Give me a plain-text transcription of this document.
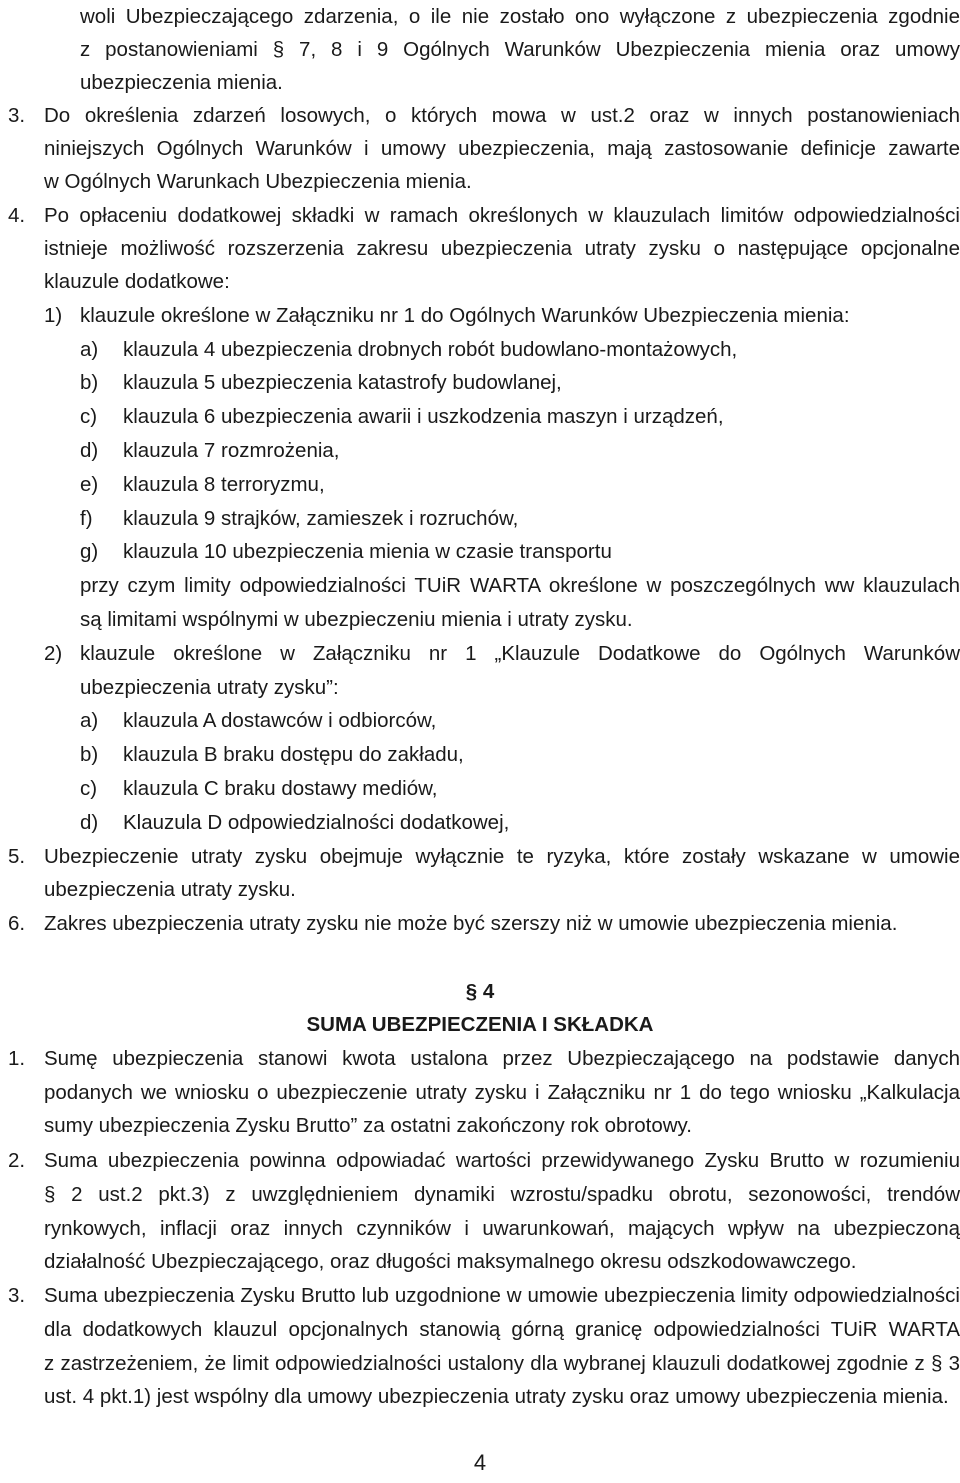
woli Ubezpieczającego zdarzenia, o ile nie zostało ono wyłączone z ubezpieczenia zgodnie
z postanowieniami § 7, 8 i 9 Ogólnych Warunków Ubezpieczenia mienia oraz umowy
ubezpieczenia mienia.
3. Do określenia zdarzeń losowych, o których mowa w ust.2 oraz w innych postanowieniach
niniejszych Ogólnych Warunków i umowy ubezpieczenia, mają zastosowanie definicje zawarte
w Ogólnych Warunkach Ubezpieczenia mienia.
4. Po opłaceniu dodatkowej składki w ramach określonych w klauzulach limitów odpowiedzialności
istnieje możliwość rozszerzenia zakresu ubezpieczenia utraty zysku o następujące opcjonalne
klauzule dodatkowe:
1) klauzule określone w Załączniku nr 1 do Ogólnych Warunków Ubezpieczenia mienia:
a) klauzula 4 ubezpieczenia drobnych robót budowlano-montażowych,
b) klauzula 5 ubezpieczenia katastrofy budowlanej,
c) klauzula 6 ubezpieczenia awarii i uszkodzenia maszyn i urządzeń,
d) klauzula 7 rozmrożenia,
e) klauzula 8 terroryzmu,
f) klauzula 9 strajków, zamieszek i rozruchów,
g) klauzula 10 ubezpieczenia mienia w czasie transportu
przy czym limity odpowiedzialności TUiR WARTA określone w poszczególnych ww klauzulach
są limitami wspólnymi w ubezpieczeniu mienia i utraty zysku.
2) klauzule określone w Załączniku nr 1 „Klauzule Dodatkowe do Ogólnych Warunków
ubezpieczenia utraty zysku”:
a) klauzula A dostawców i odbiorców,
b) klauzula B braku dostępu do zakładu,
c) klauzula C braku dostawy mediów,
d) Klauzula D odpowiedzialności dodatkowej,
5. Ubezpieczenie utraty zysku obejmuje wyłącznie te ryzyka, które zostały wskazane w umowie
ubezpieczenia utraty zysku.
6. Zakres ubezpieczenia utraty zysku nie może być szerszy niż w umowie ubezpieczenia mienia.
§ 4
SUMA UBEZPIECZENIA I SKŁADKA
1. Sumę ubezpieczenia stanowi kwota ustalona przez Ubezpieczającego na podstawie danych
podanych we wniosku o ubezpieczenie utraty zysku i Załączniku nr 1 do tego wniosku „Kalkulacja
sumy ubezpieczenia Zysku Brutto” za ostatni zakończony rok obrotowy.
2. Suma ubezpieczenia powinna odpowiadać wartości przewidywanego Zysku Brutto w rozumieniu
§ 2 ust.2 pkt.3) z uwzględnieniem dynamiki wzrostu/spadku obrotu, sezonowości, trendów
rynkowych, inflacji oraz innych czynników i uwarunkowań, mających wpływ na ubezpieczoną
działalność Ubezpieczającego, oraz długości maksymalnego okresu odszkodowawczego.
3. Suma ubezpieczenia Zysku Brutto lub uzgodnione w umowie ubezpieczenia limity odpowiedzialności
dla dodatkowych klauzul opcjonalnych stanowią górną granicę odpowiedzialności TUiR WARTA
z zastrzeżeniem, że limit odpowiedzialności ustalony dla wybranej klauzuli dodatkowej zgodnie z § 3
ust. 4 pkt.1) jest wspólny dla umowy ubezpieczenia utraty zysku oraz umowy ubezpieczenia mienia.
4
